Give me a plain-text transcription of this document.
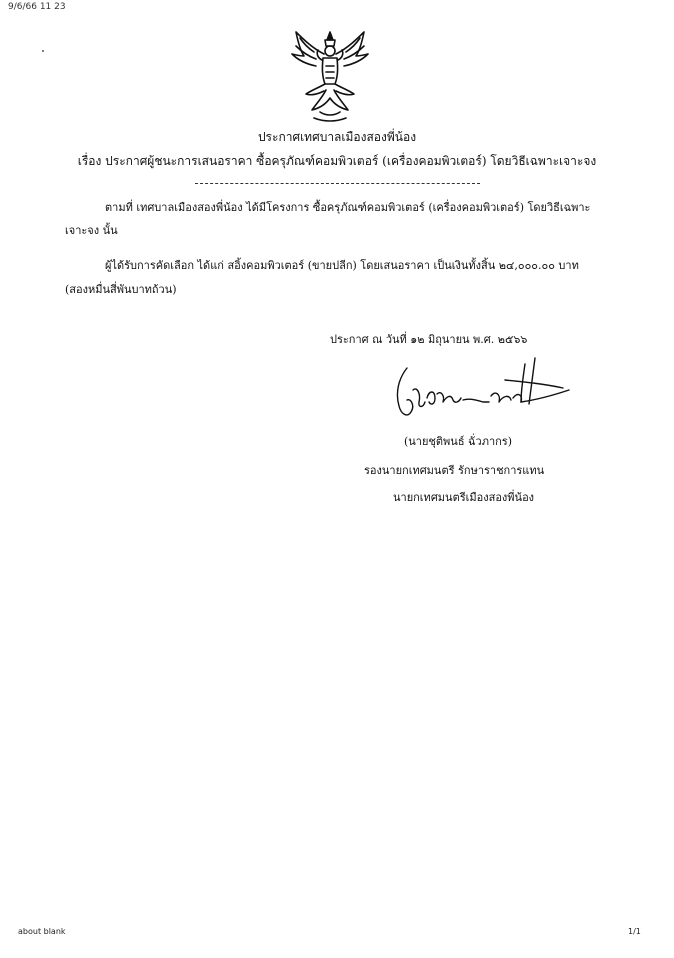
9/6/66 11 23
ประกาศเทศบาลเมืองสองพี่น้อง
เรื่อง ประกาศผู้ชนะการเสนอราคา ซื้อครุภัณฑ์คอมพิวเตอร์ (เครื่องคอมพิวเตอร์) โดยวิธีเฉพาะเจาะจง
ตามที่ เทศบาลเมืองสองพี่น้อง ได้มีโครงการ ซื้อครุภัณฑ์คอมพิวเตอร์ (เครื่องคอมพิวเตอร์) โดยวิธีเฉพาะ
เจาะจง นั้น
ผู้ได้รับการคัดเลือก ได้แก่ สอิ้งคอมพิวเตอร์ (ขายปลีก) โดยเสนอราคา เป็นเงินทั้งสิ้น ๒๔,๐๐๐.๐๐ บาท
(สองหมื่นสี่พันบาทถ้วน)
ประกาศ ณ วันที่ ๑๒ มิถุนายน พ.ศ. ๒๕๖๖
(นายชุติพนธ์ ฉั่วภากร)
รองนายกเทศมนตรี รักษาราชการแทน
นายกเทศมนตรีเมืองสองพี่น้อง
about blank	1/1
